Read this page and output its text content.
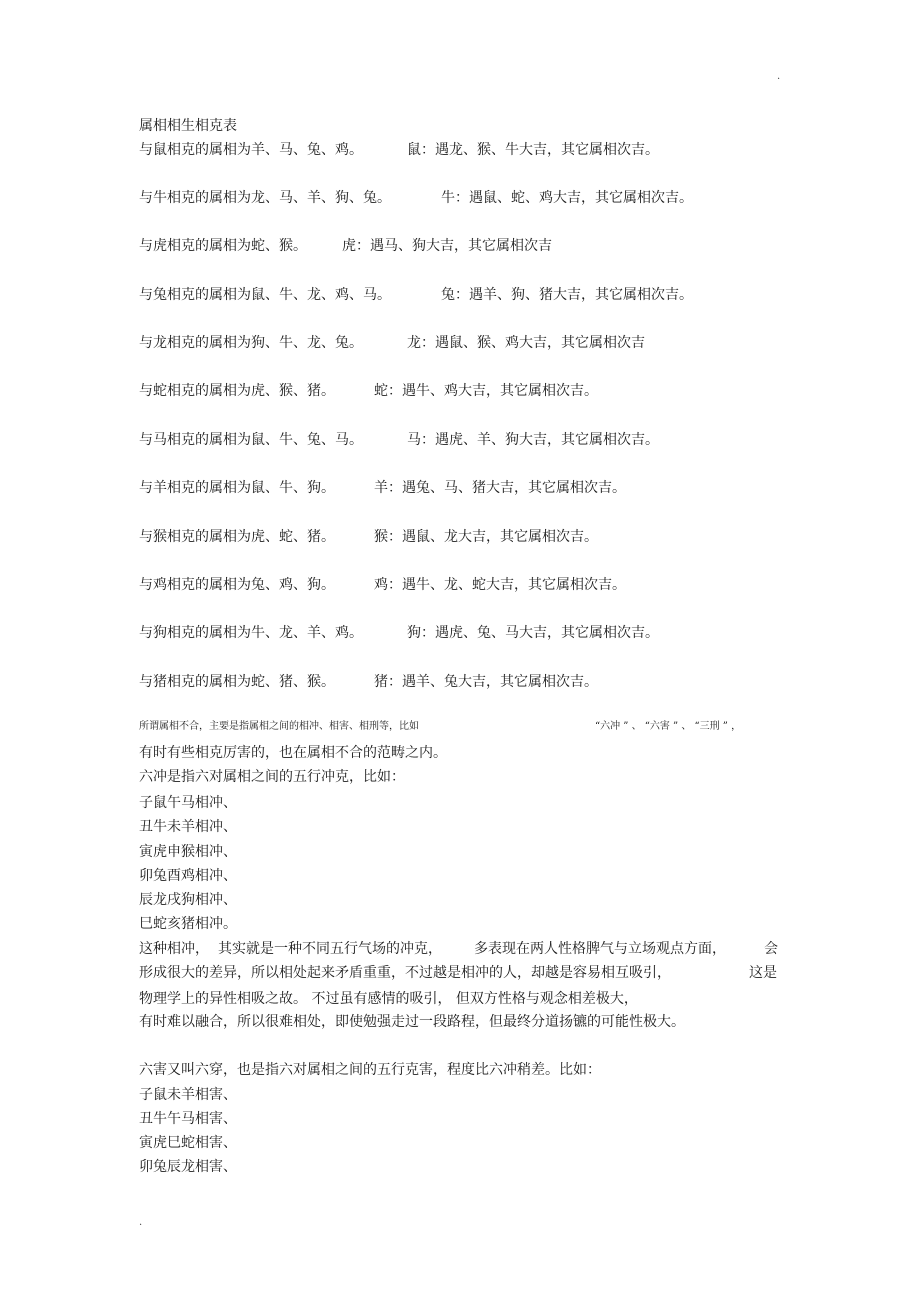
.
属相相生相克表
与鼠相克的属相为羊、马、兔、鸡。	鼠：遇龙、猴、牛大吉，其它属相次吉。
与牛相克的属相为龙、马、羊、狗、兔。	牛：遇鼠、蛇、鸡大吉，其它属相次吉。
与虎相克的属相为蛇、猴。	虎：遇马、狗大吉，其它属相次吉
与兔相克的属相为鼠、牛、龙、鸡、马。	兔：遇羊、狗、猪大吉，其它属相次吉。
与龙相克的属相为狗、牛、龙、兔。	龙：遇鼠、猴、鸡大吉，其它属相次吉
与蛇相克的属相为虎、猴、猪。	蛇：遇牛、鸡大吉，其它属相次吉。
与马相克的属相为鼠、牛、兔、马。	马：遇虎、羊、狗大吉，其它属相次吉。
与羊相克的属相为鼠、牛、狗。	羊：遇兔、马、猪大吉，其它属相次吉。
与猴相克的属相为虎、蛇、猪。	猴：遇鼠、龙大吉，其它属相次吉。
与鸡相克的属相为兔、鸡、狗。	鸡：遇牛、龙、蛇大吉，其它属相次吉。
与狗相克的属相为牛、龙、羊、鸡。	狗：遇虎、兔、马大吉，其它属相次吉。
与猪相克的属相为蛇、猪、猴。	猪：遇羊、兔大吉，其它属相次吉。
所谓属相不合，主要是指属相之间的相冲、相害、相刑等，比如	“六冲 ” 、 “六害 ” 、 “三刑 ” ，
有时有些相克厉害的，也在属相不合的范畴之内。
六冲是指六对属相之间的五行冲克，比如：
子鼠午马相冲、
丑牛未羊相冲、
寅虎申猴相冲、
卯兔酉鸡相冲、
辰龙戌狗相冲、
巳蛇亥猪相冲。
这种相冲， 其实就是一种不同五行气场的冲克， 多表现在两人性格脾气与立场观点方面，	会
形成很大的差异，所以相处起来矛盾重重，不过越是相冲的人，却越是容易相互吸引，	这是
物理学上的异性相吸之故。 不过虽有感情的吸引， 但双方性格与观念相差极大，
有时难以融合，所以很难相处，即使勉强走过一段路程，但最终分道扬镳的可能性极大。
六害又叫六穿，也是指六对属相之间的五行克害，程度比六冲稍差。比如：
子鼠未羊相害、
丑牛午马相害、
寅虎巳蛇相害、
卯兔辰龙相害、
.
